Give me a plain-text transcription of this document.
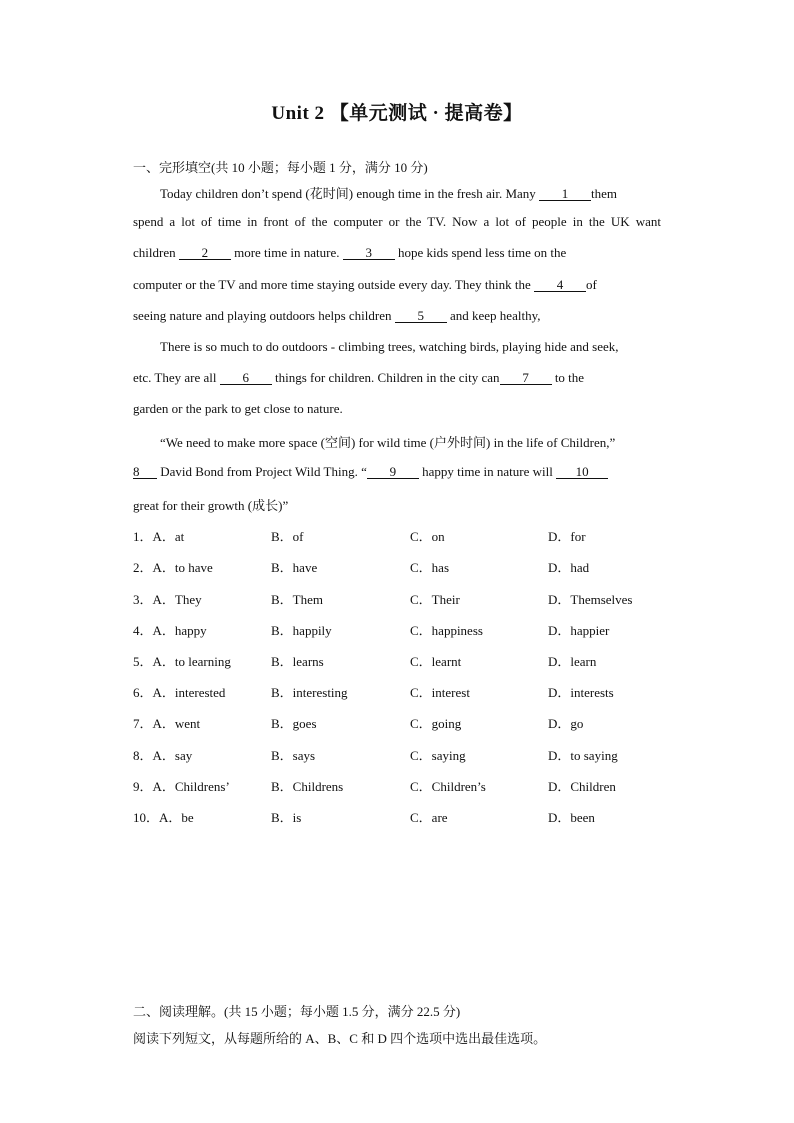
Unit 2 【单元测试 · 提高卷】
一、完形填空(共 10 小题；每小题 1 分，满分 10 分)
Today children don’t spend (花时间) enough time in the fresh air. Many 1 them
spend a lot of time in front of the computer or the TV. Now a lot of people in the UK want
children 2 more time in nature. 3 hope kids spend less time on the
computer or the TV and more time staying outside every day. They think the 4 of
seeing nature and playing outdoors helps children 5 and keep healthy,
There is so much to do outdoors - climbing trees, watching birds, playing hide and seek,
etc. They are all 6 things for children. Children in the city can 7 to the
garden or the park to get close to nature.
“We need to make more space (空间) for wild time (户外时间) in the life of Children,”
8 David Bond from Project Wild Thing. “ 9 happy time in nature will 10
great for their growth (成长)”
1．A．at	B．of	C．on	D．for
2．A．to have	B．have	C．has	D．had
3．A．They	B．Them	C．Their	D．Themselves
4．A．happy	B．happily	C．happiness	D．happier
5．A．to learning	B．learns	C．learnt	D．learn
6．A．interested	B．interesting	C．interest	D．interests
7．A．went	B．goes	C．going	D．go
8．A．say	B．says	C．saying	D．to saying
9．A．Childrens’	B．Childrens	C．Children’s	D．Children
10．A．be	B．is	C．are	D．been
二、阅读理解。(共 15 小题；每小题 1.5 分，满分 22.5 分)
阅读下列短文，从每题所给的 A、B、C 和 D 四个选项中选出最佳选项。
